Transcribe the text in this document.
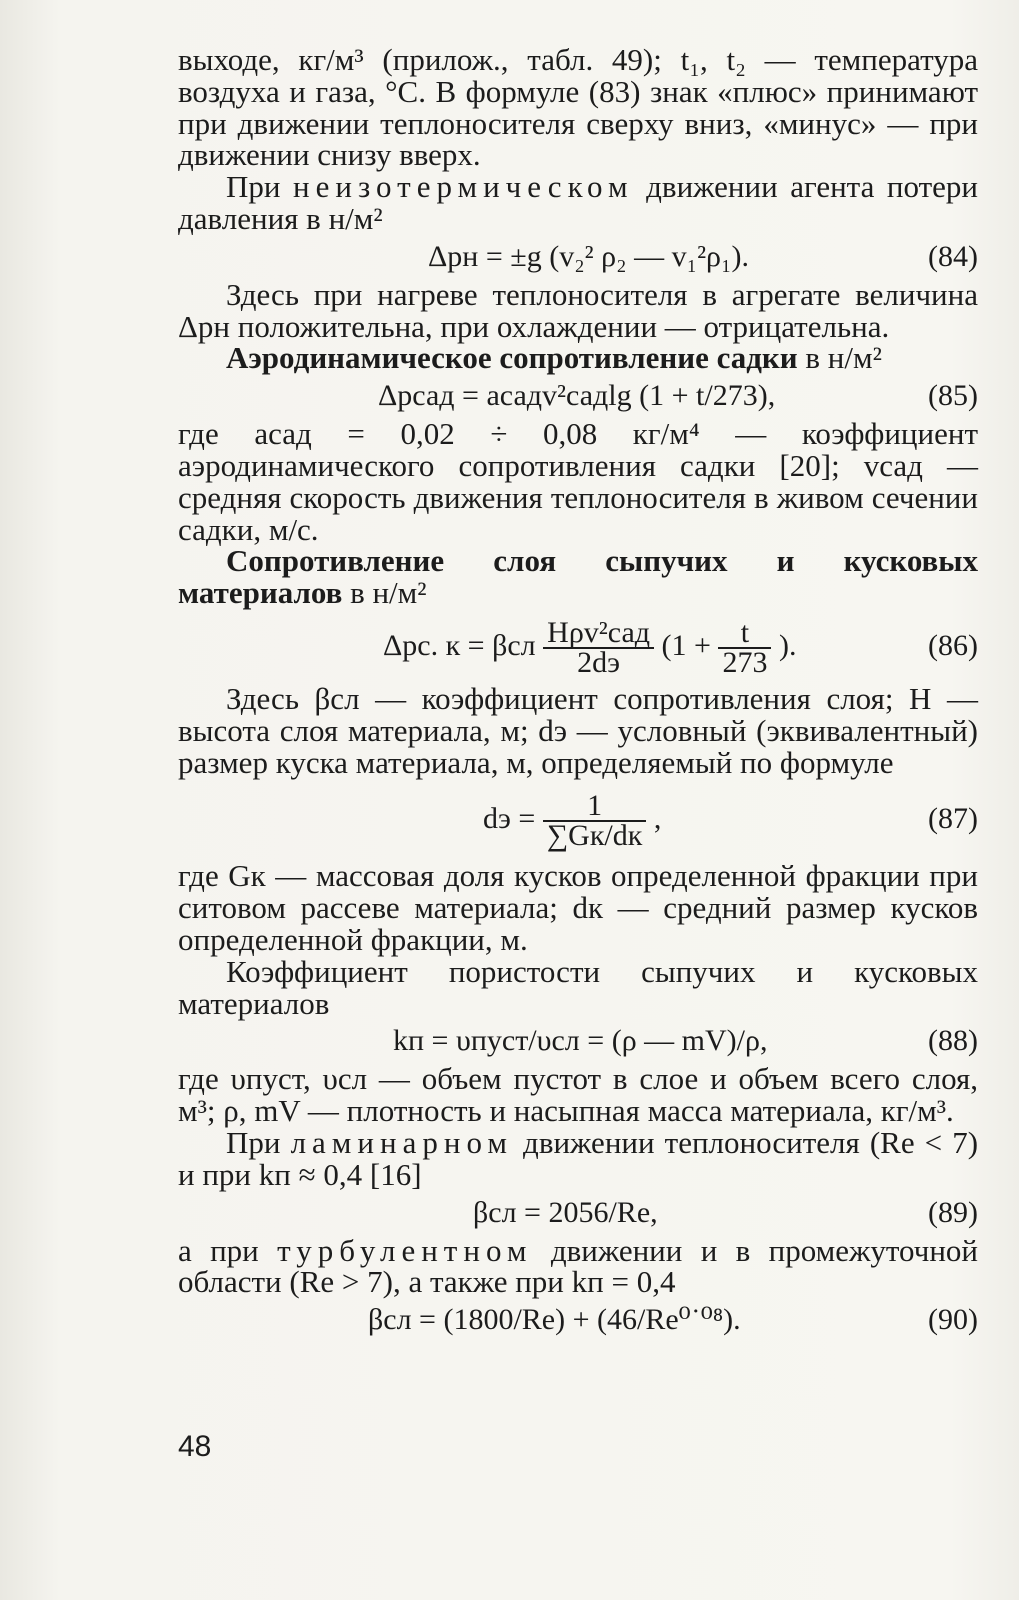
выходе, кг/м³ (прилож., табл. 49); t₁, t₂ — температура воздуха и газа, °С. В формуле (83) знак «плюс» принимают при движении теплоносителя сверху вниз, «минус» — при движении снизу вверх.

При неизотермическом движении агента потери давления в н/м²

Δpн = ±g (v₂² ρ₂ — v₁²ρ₁).	(84)

Здесь при нагреве теплоносителя в агрегате величина Δpн положительна, при охлаждении — отрицательна.

Аэродинамическое сопротивление садки в н/м²

Δpсад = aсадv²садlg (1 + t/273),	(85)

где aсад = 0,02 ÷ 0,08 кг/м⁴ — коэффициент аэродинамического сопротивления садки [20]; vсад — средняя скорость движения теплоносителя в живом сечении садки, м/с.

Сопротивление слоя сыпучих и кусковых материалов в н/м²

Δpс. к = βсл $\frac{\text{Hρv²сад}}{2dэ} (1 + \frac{t}{273}$ ).	(86)

Здесь βсл — коэффициент сопротивления слоя; H — высота слоя материала, м; dэ — условный (эквивалентный) размер куска материала, м, определяемый по формуле

dэ = $\frac{1}{\sum Gк/dк}$ ,	(87)

где Gк — массовая доля кусков определенной фракции при ситовом рассеве материала; dк — средний размер кусков определенной фракции, м.

Коэффициент пористости сыпучих и кусковых материалов

kп = υпуст/υсл = (ρ — mV)/ρ,	(88)

где υпуст, υсл — объем пустот в слое и объем всего слоя, м³; ρ, mV — плотность и насыпная масса материала, кг/м³.

При ламинарном движении теплоносителя (Re < 7) и при kп ≈ 0,4 [16]

βсл = 2056/Re,	(89)

а при турбулентном движении и в промежуточной области (Re > 7), а также при kп = 0,4

βсл = (1800/Re) + (46/Re⁰˙⁰⁸).	(90)
48
